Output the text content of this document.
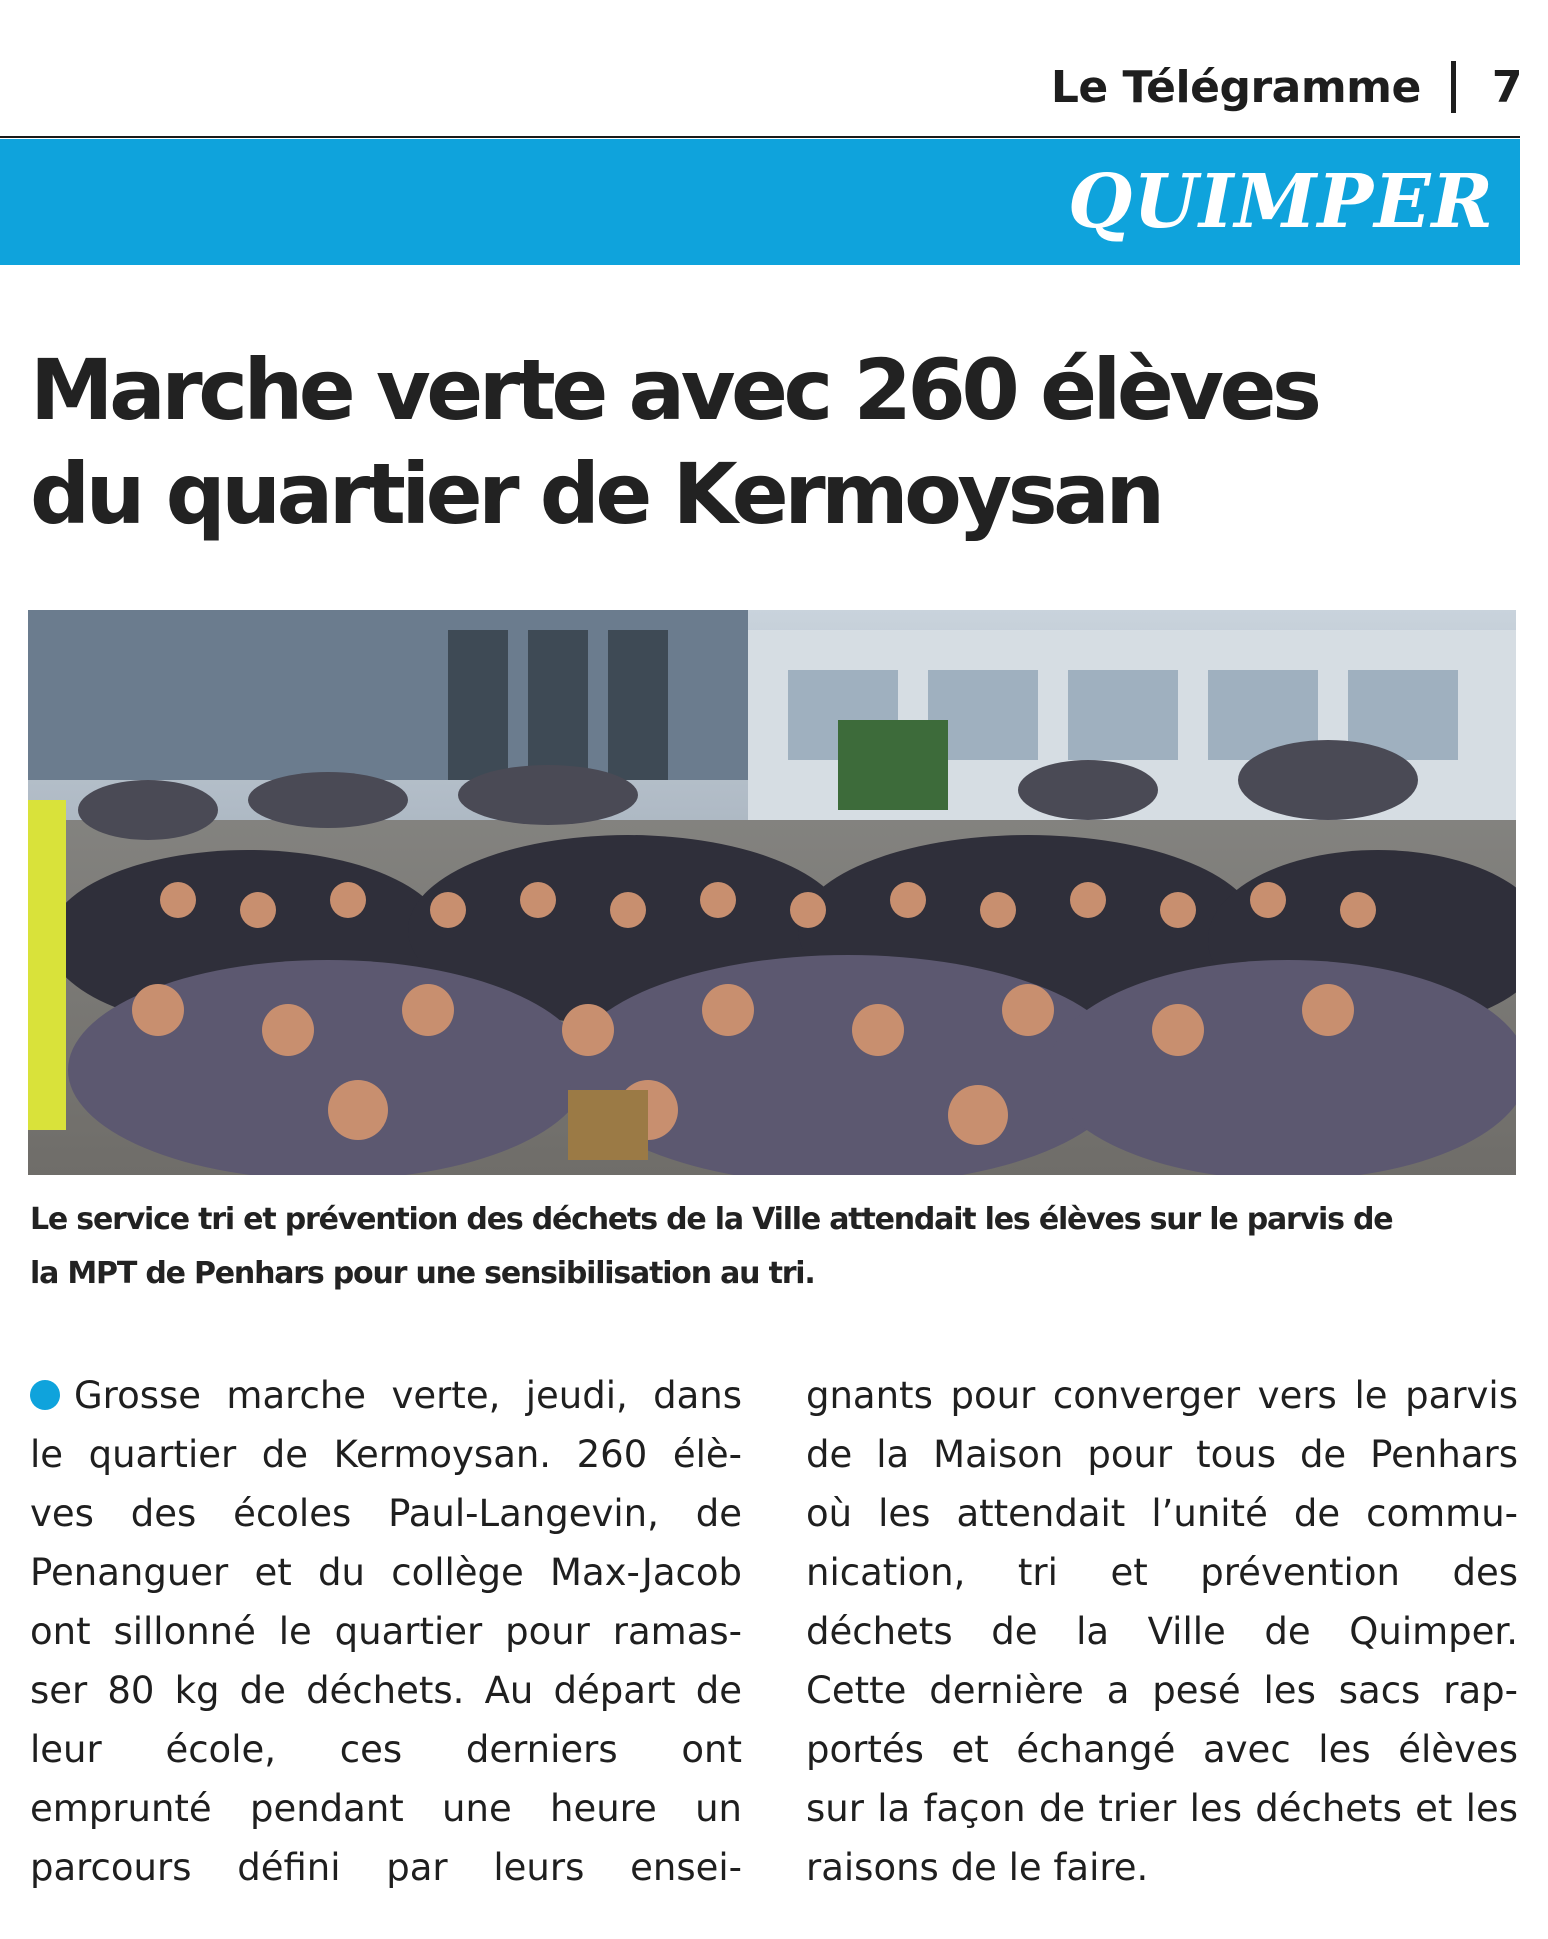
Le Télégramme 7
QUIMPER
Marche verte avec 260 élèves
du quartier de Kermoysan

Le service tri et prévention des déchets de la Ville attendait les élèves sur le parvis de
la MPT de Penhars pour une sensibilisation au tri.

Grosse marche verte, jeudi, dans
le quartier de Kermoysan. 260 élè-
ves des écoles Paul-Langevin, de
Penanguer et du collège Max-Jacob
ont sillonné le quartier pour ramas-
ser 80 kg de déchets. Au départ de
leur école, ces derniers ont
emprunté pendant une heure un
parcours défini par leurs ensei-
gnants pour converger vers le parvis
de la Maison pour tous de Penhars
où les attendait l’unité de commu-
nication, tri et prévention des
déchets de la Ville de Quimper.
Cette dernière a pesé les sacs rap-
portés et échangé avec les élèves
sur la façon de trier les déchets et les
raisons de le faire.
